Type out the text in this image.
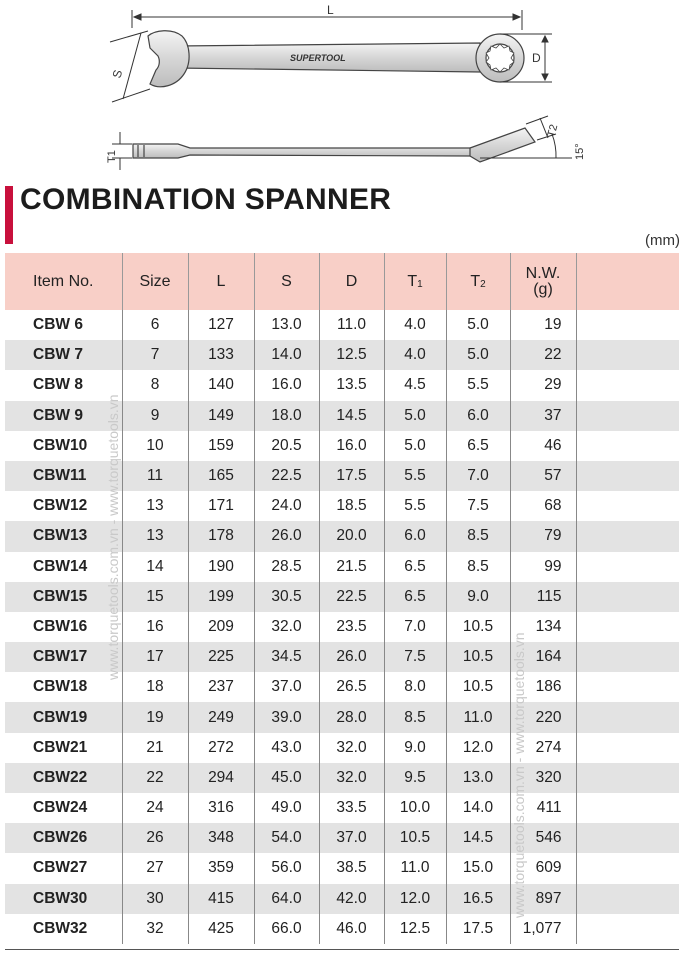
L
SUPERTOOL
S
D
T1
T2
15°
COMBINATION SPANNER
(mm)
Item No.	Size	L	S	D	T1	T2	N.W.
(g)	
CBW 6	6	127	13.0	11.0	4.0	5.0	19	
CBW 7	7	133	14.0	12.5	4.0	5.0	22	
CBW 8	8	140	16.0	13.5	4.5	5.5	29	
CBW 9	9	149	18.0	14.5	5.0	6.0	37	
CBW10	10	159	20.5	16.0	5.0	6.5	46	
CBW11	11	165	22.5	17.5	5.5	7.0	57	
CBW12	13	171	24.0	18.5	5.5	7.5	68	
CBW13	13	178	26.0	20.0	6.0	8.5	79	
CBW14	14	190	28.5	21.5	6.5	8.5	99	
CBW15	15	199	30.5	22.5	6.5	9.0	115	
CBW16	16	209	32.0	23.5	7.0	10.5	134	
CBW17	17	225	34.5	26.0	7.5	10.5	164	
CBW18	18	237	37.0	26.5	8.0	10.5	186	
CBW19	19	249	39.0	28.0	8.5	11.0	220	
CBW21	21	272	43.0	32.0	9.0	12.0	274	
CBW22	22	294	45.0	32.0	9.5	13.0	320	
CBW24	24	316	49.0	33.5	10.0	14.0	411	
CBW26	26	348	54.0	37.0	10.5	14.5	546	
CBW27	27	359	56.0	38.5	11.0	15.0	609	
CBW30	30	415	64.0	42.0	12.0	16.5	897	
CBW32	32	425	66.0	46.0	12.5	17.5	1,077	
www.torquetools.com.vn - www.torquetools.vn
www.torquetools.com.vn - www.torquetools.vn
